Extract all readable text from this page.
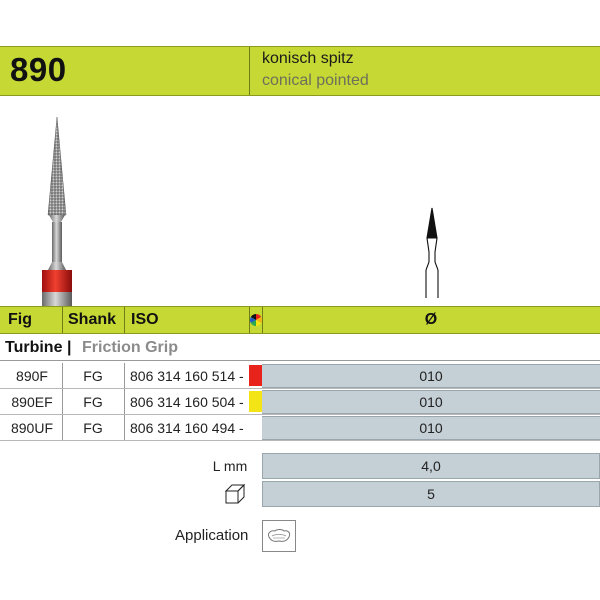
890	konisch spitz
conical pointed
Fig Shank ISO	Ø
Turbine | Friction Grip
890F	FG	806 314 160 514 -	010
890EF	FG	806 314 160 504 -	010
890UF	FG	806 314 160 494 -	010
L mm	4,0
5
Application
